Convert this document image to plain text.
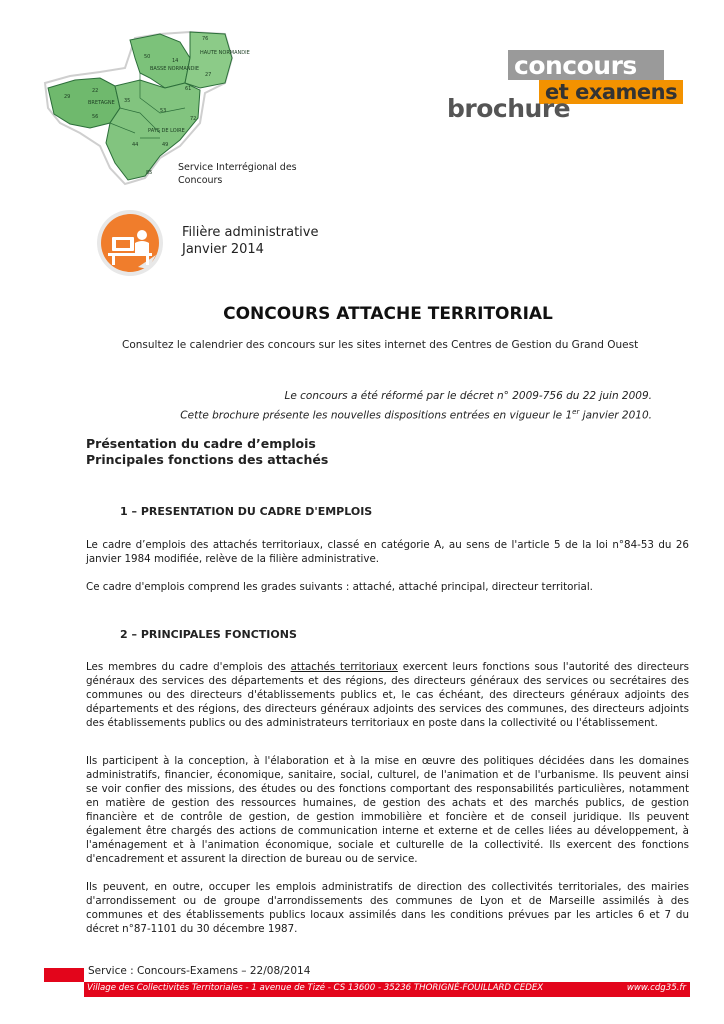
HAUTE NORMANDIE
BASSE NORMANDIE
BRETAGNE
PAYS DE LOIRE
76
50
14
27
61
22
29
35
53
56	72
44	49
85	Service Interrégional des
Concours
concours
et examens
brochure
Filière administrative
Janvier 2014
CONCOURS ATTACHE TERRITORIAL
Consultez le calendrier des concours sur les sites internet des Centres de Gestion du Grand Ouest
Le concours a été réformé par le décret n° 2009-756 du 22 juin 2009.
Cette brochure présente les nouvelles dispositions entrées en vigueur le 1er janvier 2010.
Présentation du cadre d’emplois
Principales fonctions des attachés
1 – PRESENTATION DU CADRE D'EMPLOIS
Le cadre d’emplois des attachés territoriaux, classé en catégorie A, au sens de l'article 5 de la loi n°84-53 du 26 janvier 1984 modifiée, relève de la filière administrative.
Ce cadre d'emplois comprend les grades suivants : attaché, attaché principal, directeur territorial.
2 – PRINCIPALES FONCTIONS
Les membres du cadre d'emplois des attachés territoriaux exercent leurs fonctions sous l'autorité des directeurs généraux des services des départements et des régions, des directeurs généraux des services ou secrétaires des communes ou des directeurs d'établissements publics et, le cas échéant, des directeurs généraux adjoints des départements et des régions, des directeurs généraux adjoints des services des communes, des directeurs adjoints des établissements publics ou des administrateurs territoriaux en poste dans la collectivité ou l'établissement.
Ils participent à la conception, à l'élaboration et à la mise en œuvre des politiques décidées dans les domaines administratifs, financier, économique, sanitaire, social, culturel, de l'animation et de l'urbanisme. Ils peuvent ainsi se voir confier des missions, des études ou des fonctions comportant des responsabilités particulières, notamment en matière de gestion des ressources humaines, de gestion des achats et des marchés publics, de gestion financière et de contrôle de gestion, de gestion immobilière et foncière et de conseil juridique. Ils peuvent également être chargés des actions de communication interne et externe et de celles liées au développement, à l'aménagement et à l'animation économique, sociale et culturelle de la collectivité. Ils exercent des fonctions d'encadrement et assurent la direction de bureau ou de service.
Ils peuvent, en outre, occuper les emplois administratifs de direction des collectivités territoriales, des mairies d'arrondissement ou de groupe d'arrondissements des communes de Lyon et de Marseille assimilés à des communes et des établissements publics locaux assimilés dans les conditions prévues par les articles 6 et 7 du décret n°87-1101 du 30 décembre 1987.
Service : Concours-Examens – 22/08/2014
Village des Collectivités Territoriales - 1 avenue de Tizé - CS 13600 - 35236 THORIGNÉ-FOUILLARD CEDEX	www.cdg35.fr
